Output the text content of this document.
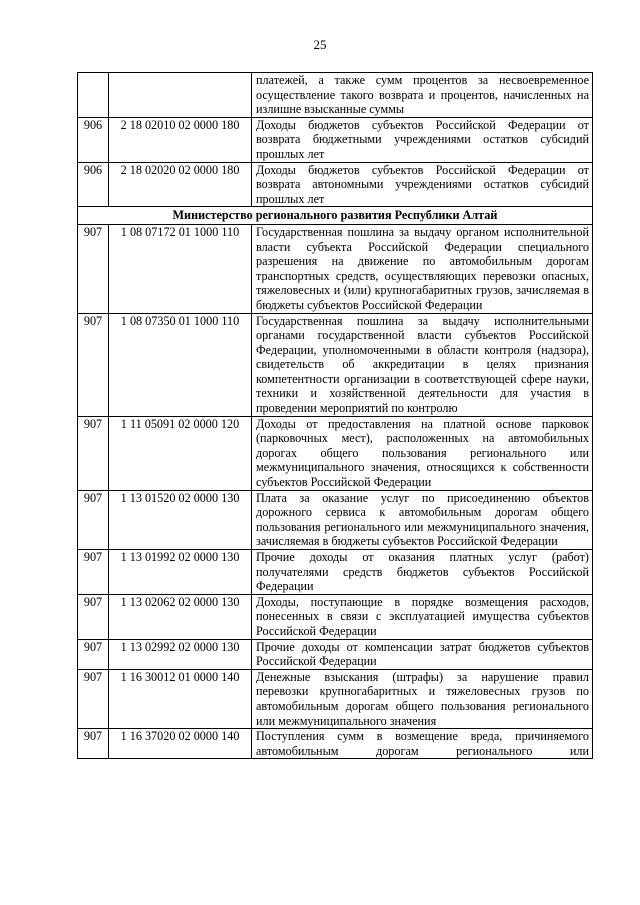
25
		платежей, а также сумм процентов за несвоевременное осуществление такого возврата и процентов, начисленных на излишне взысканные суммы
906	2 18 02010 02 0000 180	Доходы бюджетов субъектов Российской Федерации от возврата бюджетными учреждениями остатков субсидий прошлых лет
906	2 18 02020 02 0000 180	Доходы бюджетов субъектов Российской Федерации от возврата автономными учреждениями остатков субсидий прошлых лет
Министерство регионального развития Республики Алтай		
907	1 08 07172 01 1000 110	Государственная пошлина за выдачу органом исполнительной власти субъекта Российской Федерации специального разрешения на движение по автомобильным дорогам транспортных средств, осуществляющих перевозки опасных, тяжеловесных и (или) крупногабаритных грузов, зачисляемая в бюджеты субъектов Российской Федерации
907	1 08 07350 01 1000 110	Государственная пошлина за выдачу исполнительными органами государственной власти субъектов Российской Федерации, уполномоченными в области контроля (надзора), свидетельств об аккредитации в целях признания компетентности организации в соответствующей сфере науки, техники и хозяйственной деятельности для участия в проведении мероприятий по контролю
907	1 11 05091 02 0000 120	Доходы от предоставления на платной основе парковок (парковочных мест), расположенных на автомобильных дорогах общего пользования регионального или межмуниципального значения, относящихся к собственности субъектов Российской Федерации
907	1 13 01520 02 0000 130	Плата за оказание услуг по присоединению объектов дорожного сервиса к автомобильным дорогам общего пользования регионального или межмуниципального значения, зачисляемая в бюджеты субъектов Российской Федерации
907	1 13 01992 02 0000 130	Прочие доходы от оказания платных услуг (работ) получателями средств бюджетов субъектов Российской Федерации
907	1 13 02062 02 0000 130	Доходы, поступающие в порядке возмещения расходов, понесенных в связи с эксплуатацией имущества субъектов Российской Федерации
907	1 13 02992 02 0000 130	Прочие доходы от компенсации затрат бюджетов субъектов Российской Федерации
907	1 16 30012 01 0000 140	Денежные взыскания (штрафы) за нарушение правил перевозки крупногабаритных и тяжеловесных грузов по автомобильным дорогам общего пользования регионального или межмуниципального значения
907	1 16 37020 02 0000 140	Поступления сумм в возмещение вреда, причиняемого автомобильным дорогам регионального или
